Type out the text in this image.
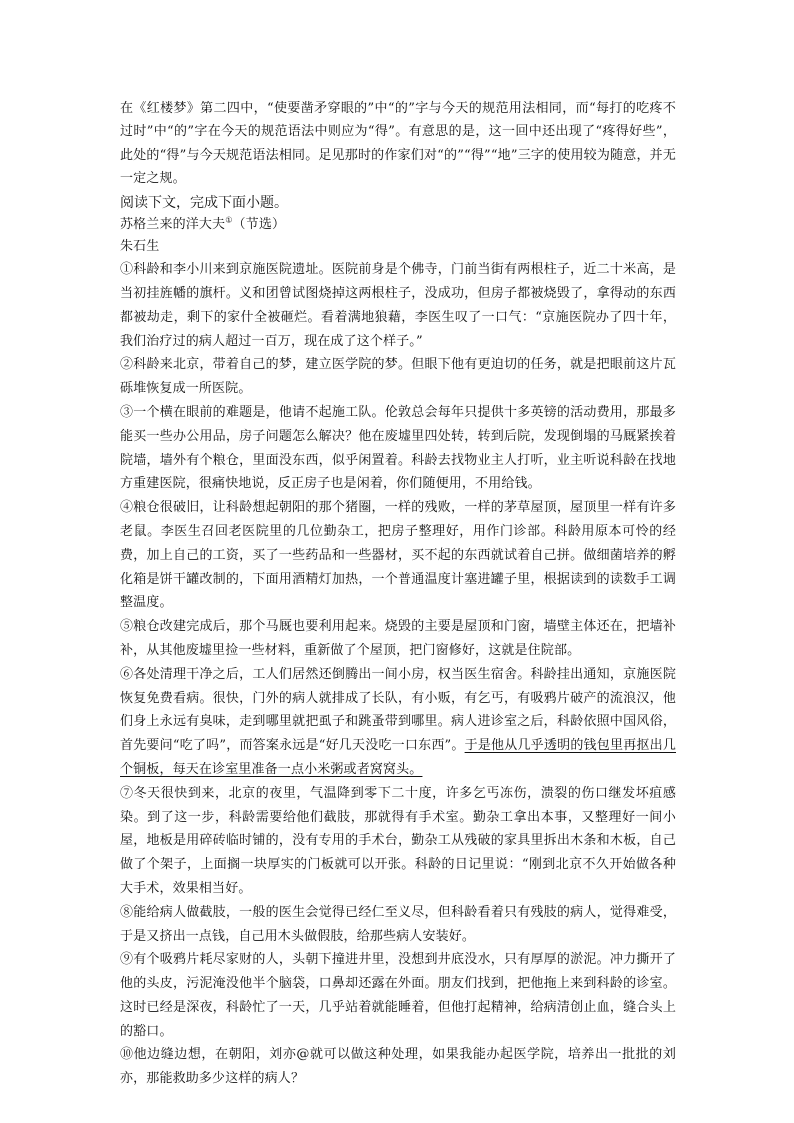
在《红楼梦》第二四中，“使要凿矛穿眼的”中“的”字与今天的规范用法相同，而“每打的吃疼不过时”中“的”字在今天的规范语法中则应为“得”。有意思的是，这一回中还出现了“疼得好些”，此处的“得”与今天规范语法相同。足见那时的作家们对“的”“得”“地”三字的使用较为随意，并无一定之规。

阅读下文，完成下面小题。

苏格兰来的洋大夫①（节选）

朱石生

①科龄和李小川来到京施医院遗址。医院前身是个佛寺，门前当街有两根柱子，近二十米高，是当初挂旌幡的旗杆。义和团曾试图烧掉这两根柱子，没成功，但房子都被烧毁了，拿得动的东西都被劫走，剩下的家什全被砸烂。看着满地狼藉，李医生叹了一口气：“京施医院办了四十年，我们治疗过的病人超过一百万，现在成了这个样子。”

②科龄来北京，带着自己的梦，建立医学院的梦。但眼下他有更迫切的任务，就是把眼前这片瓦砾堆恢复成一所医院。

③一个横在眼前的难题是，他请不起施工队。伦敦总会每年只提供十多英镑的活动费用，那最多能买一些办公用品，房子问题怎么解决？他在废墟里四处转，转到后院，发现倒塌的马厩紧挨着院墙，墙外有个粮仓，里面没东西，似乎闲置着。科龄去找物业主人打听，业主听说科龄在找地方重建医院，很痛快地说，反正房子也是闲着，你们随便用，不用给钱。

④粮仓很破旧，让科龄想起朝阳的那个猪圈，一样的残败，一样的茅草屋顶，屋顶里一样有许多老鼠。李医生召回老医院里的几位勤杂工，把房子整理好，用作门诊部。科龄用原本可怜的经费，加上自己的工资，买了一些药品和一些器材，买不起的东西就试着自己拼。做细菌培养的孵化箱是饼干罐改制的，下面用酒精灯加热，一个普通温度计塞进罐子里，根据读到的读数手工调整温度。

⑤粮仓改建完成后，那个马厩也要利用起来。烧毁的主要是屋顶和门窗，墙壁主体还在，把墙补补，从其他废墟里捡一些材料，重新做了个屋顶，把门窗修好，这就是住院部。

⑥各处清理干净之后，工人们居然还倒腾出一间小房，权当医生宿舍。科龄挂出通知，京施医院恢复免费看病。很快，门外的病人就排成了长队，有小贩，有乞丐，有吸鸦片破产的流浪汉，他们身上永远有臭味，走到哪里就把虱子和跳蚤带到哪里。病人进诊室之后，科龄依照中国风俗，首先要问“吃了吗”，而答案永远是“好几天没吃一口东西”。于是他从几乎透明的钱包里再抠出几个铜板，每天在诊室里准备一点小米粥或者窝窝头。

⑦冬天很快到来，北京的夜里，气温降到零下二十度，许多乞丐冻伤，溃裂的伤口继发坏疽感染。到了这一步，科龄需要给他们截肢，那就得有手术室。勤杂工拿出本事，又整理好一间小屋，地板是用碎砖临时铺的，没有专用的手术台，勤杂工从残破的家具里拆出木条和木板，自己做了个架子，上面搁一块厚实的门板就可以开张。科龄的日记里说：“刚到北京不久开始做各种大手术，效果相当好。

⑧能给病人做截肢，一般的医生会觉得已经仁至义尽，但科龄看着只有残肢的病人，觉得难受，于是又挤出一点钱，自己用木头做假肢，给那些病人安装好。

⑨有个吸鸦片耗尽家财的人，头朝下撞进井里，没想到井底没水，只有厚厚的淤泥。冲力撕开了他的头皮，污泥淹没他半个脑袋，口鼻却还露在外面。朋友们找到，把他拖上来到科龄的诊室。这时已经是深夜，科龄忙了一天，几乎站着就能睡着，但他打起精神，给病清创止血，缝合头上的豁口。

⑩他边缝边想，在朝阳，刘亦@就可以做这种处理，如果我能办起医学院，培养出一批批的刘亦，那能救助多少这样的病人？
